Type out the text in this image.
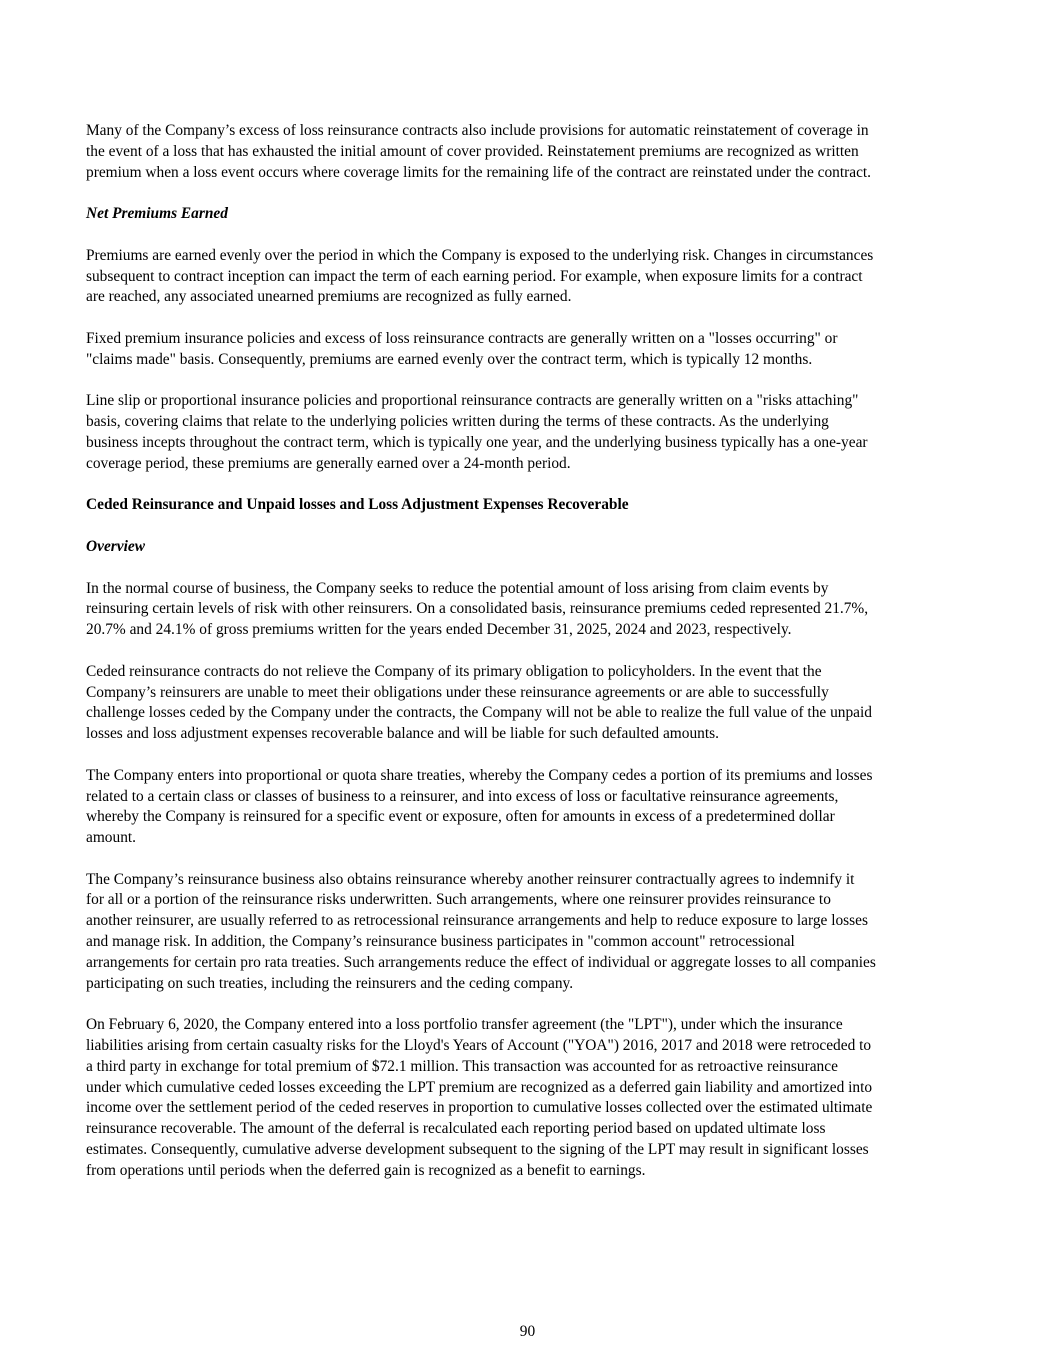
Many of the Company’s excess of loss reinsurance contracts also include provisions for automatic reinstatement of coverage in
the event of a loss that has exhausted the initial amount of cover provided. Reinstatement premiums are recognized as written
premium when a loss event occurs where coverage limits for the remaining life of the contract are reinstated under the contract.

Net Premiums Earned

Premiums are earned evenly over the period in which the Company is exposed to the underlying risk. Changes in circumstances
subsequent to contract inception can impact the term of each earning period. For example, when exposure limits for a contract
are reached, any associated unearned premiums are recognized as fully earned.

Fixed premium insurance policies and excess of loss reinsurance contracts are generally written on a "losses occurring" or
"claims made" basis. Consequently, premiums are earned evenly over the contract term, which is typically 12 months.

Line slip or proportional insurance policies and proportional reinsurance contracts are generally written on a "risks attaching"
basis, covering claims that relate to the underlying policies written during the terms of these contracts. As the underlying
business incepts throughout the contract term, which is typically one year, and the underlying business typically has a one-year
coverage period, these premiums are generally earned over a 24-month period.

Ceded Reinsurance and Unpaid losses and Loss Adjustment Expenses Recoverable

Overview

In the normal course of business, the Company seeks to reduce the potential amount of loss arising from claim events by
reinsuring certain levels of risk with other reinsurers. On a consolidated basis, reinsurance premiums ceded represented 21.7%,
20.7% and 24.1% of gross premiums written for the years ended December 31, 2025, 2024 and 2023, respectively.

Ceded reinsurance contracts do not relieve the Company of its primary obligation to policyholders. In the event that the
Company’s reinsurers are unable to meet their obligations under these reinsurance agreements or are able to successfully
challenge losses ceded by the Company under the contracts, the Company will not be able to realize the full value of the unpaid
losses and loss adjustment expenses recoverable balance and will be liable for such defaulted amounts.

The Company enters into proportional or quota share treaties, whereby the Company cedes a portion of its premiums and losses
related to a certain class or classes of business to a reinsurer, and into excess of loss or facultative reinsurance agreements,
whereby the Company is reinsured for a specific event or exposure, often for amounts in excess of a predetermined dollar
amount.

The Company’s reinsurance business also obtains reinsurance whereby another reinsurer contractually agrees to indemnify it
for all or a portion of the reinsurance risks underwritten. Such arrangements, where one reinsurer provides reinsurance to
another reinsurer, are usually referred to as retrocessional reinsurance arrangements and help to reduce exposure to large losses
and manage risk. In addition, the Company’s reinsurance business participates in "common account" retrocessional
arrangements for certain pro rata treaties. Such arrangements reduce the effect of individual or aggregate losses to all companies
participating on such treaties, including the reinsurers and the ceding company.

On February 6, 2020, the Company entered into a loss portfolio transfer agreement (the "LPT"), under which the insurance
liabilities arising from certain casualty risks for the Lloyd's Years of Account ("YOA") 2016, 2017 and 2018 were retroceded to
a third party in exchange for total premium of $72.1 million. This transaction was accounted for as retroactive reinsurance
under which cumulative ceded losses exceeding the LPT premium are recognized as a deferred gain liability and amortized into
income over the settlement period of the ceded reserves in proportion to cumulative losses collected over the estimated ultimate
reinsurance recoverable. The amount of the deferral is recalculated each reporting period based on updated ultimate loss
estimates. Consequently, cumulative adverse development subsequent to the signing of the LPT may result in significant losses
from operations until periods when the deferred gain is recognized as a benefit to earnings.

90
